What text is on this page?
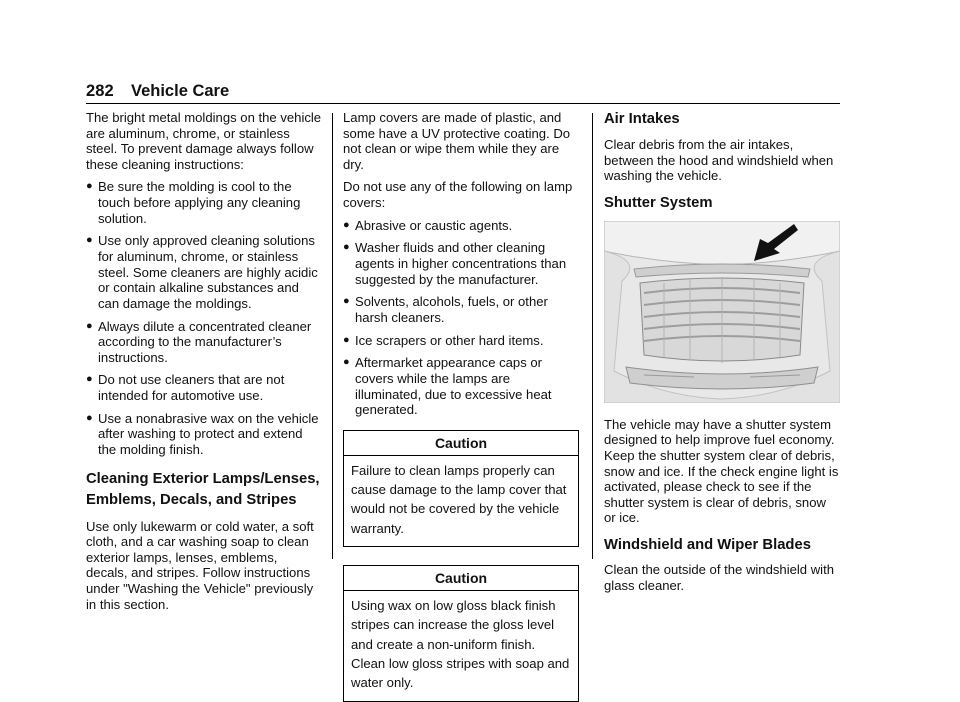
282 Vehicle Care

The bright metal moldings on the vehicle are aluminum, chrome, or stainless steel. To prevent damage always follow these cleaning instructions:

● Be sure the molding is cool to the touch before applying any cleaning solution.
● Use only approved cleaning solutions for aluminum, chrome, or stainless steel. Some cleaners are highly acidic or contain alkaline substances and can damage the moldings.
● Always dilute a concentrated cleaner according to the manufacturer’s instructions.
● Do not use cleaners that are not intended for automotive use.
● Use a nonabrasive wax on the vehicle after washing to protect and extend the molding finish.
Cleaning Exterior Lamps/Lenses, Emblems, Decals, and Stripes

Use only lukewarm or cold water, a soft cloth, and a car washing soap to clean exterior lamps, lenses, emblems, decals, and stripes. Follow instructions under "Washing the Vehicle" previously in this section.

Lamp covers are made of plastic, and some have a UV protective coating. Do not clean or wipe them while they are dry.

Do not use any of the following on lamp covers:

● Abrasive or caustic agents.
● Washer fluids and other cleaning agents in higher concentrations than suggested by the manufacturer.
● Solvents, alcohols, fuels, or other harsh cleaners.
● Ice scrapers or other hard items.
● Aftermarket appearance caps or covers while the lamps are illuminated, due to excessive heat generated.
Caution
Failure to clean lamps properly can cause damage to the lamp cover that would not be covered by the vehicle warranty.
Caution
Using wax on low gloss black finish stripes can increase the gloss level and create a non-uniform finish. Clean low gloss stripes with soap and water only.
Air Intakes

Clear debris from the air intakes, between the hood and windshield when washing the vehicle.

Shutter System

The vehicle may have a shutter system designed to help improve fuel economy. Keep the shutter system clear of debris, snow and ice. If the check engine light is activated, please check to see if the shutter system is clear of debris, snow or ice.

Windshield and Wiper Blades

Clean the outside of the windshield with glass cleaner.
